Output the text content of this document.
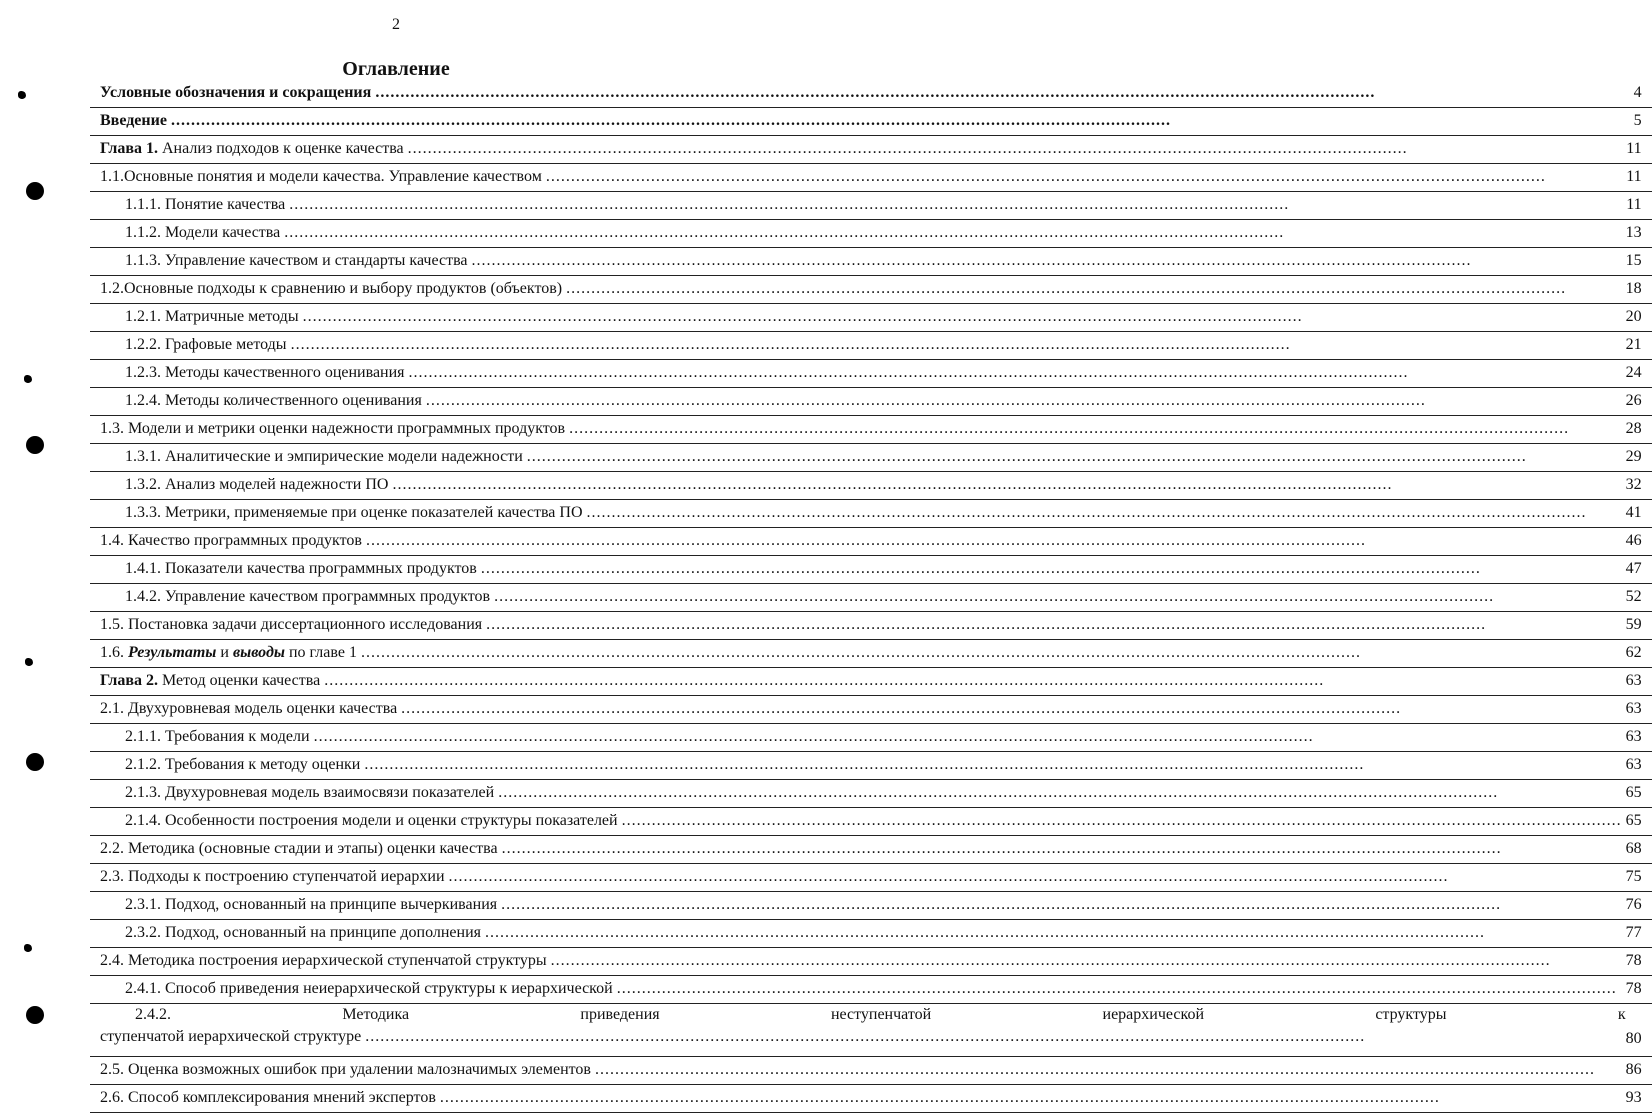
2
Оглавление
Условные обозначения и сокращения
.....	4

Введение
.....	5

Глава 1. Анализ подходов к оценке качества
.....	11

1.1.Основные понятия и модели качества. Управление качеством
.....	11

1.1.1. Понятие качества
.....	11

1.1.2. Модели качества
.....	13

1.1.3. Управление качеством и стандарты качества
.....	15

1.2.Основные подходы к сравнению и выбору продуктов (объектов)
.....	18

1.2.1. Матричные методы
.....	20

1.2.2. Графовые методы
.....	21

1.2.3. Методы качественного оценивания
.....	24

1.2.4. Методы количественного оценивания
.....	26

1.3. Модели и метрики оценки надежности программных продуктов
.....	28

1.3.1. Аналитические и эмпирические модели надежности
.....	29

1.3.2. Анализ моделей надежности ПО
.....	32

1.3.3. Метрики, применяемые при оценке показателей качества ПО
.....	41

1.4. Качество программных продуктов
.....	46

1.4.1. Показатели качества программных продуктов
.....	47

1.4.2. Управление качеством программных продуктов
.....	52

1.5. Постановка задачи диссертационного исследования
.....	59

1.6. Результаты и выводы по главе 1
.....	62

Глава 2. Метод оценки качества
.....	63

2.1. Двухуровневая модель оценки качества
.....	63

2.1.1. Требования к модели
.....	63

2.1.2. Требования к методу оценки
.....	63

2.1.3. Двухуровневая модель взаимосвязи показателей
.....	65

2.1.4. Особенности построения модели и оценки структуры показателей
.....	65

2.2. Методика (основные стадии и этапы) оценки качества
.....	68

2.3. Подходы к построению ступенчатой иерархии
.....	75

2.3.1. Подход, основанный на принципе вычеркивания
.....	76

2.3.2. Подход, основанный на принципе дополнения
.....	77

2.4. Методика построения иерархической ступенчатой структуры
.....	78

2.4.1. Способ приведения неиерархической структуры к иерархической
.....	78

2.4.2. Методика приведения неступенчатой иерархической структуры к
ступенчатой иерархической структуре
.....	80

2.5. Оценка возможных ошибок при удалении малозначимых элементов
.....	86

2.6. Способ комплексирования мнений экспертов
.....	93
